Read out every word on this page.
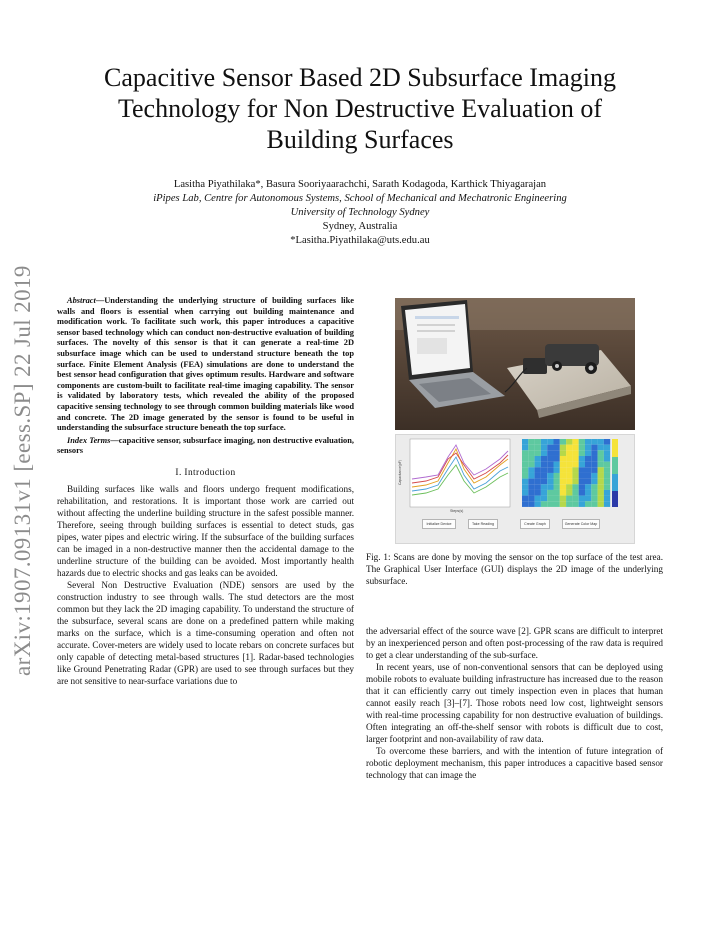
arXiv:1907.09131v1 [eess.SP] 22 Jul 2019
Capacitive Sensor Based 2D Subsurface Imaging
Technology for Non Destructive Evaluation of
Building Surfaces
Lasitha Piyathilaka*, Basura Sooriyaarachchi, Sarath Kodagoda, Karthick Thiyagarajan
iPipes Lab, Centre for Autonomous Systems, School of Mechanical and Mechatronic Engineering
University of Technology Sydney
Sydney, Australia
*Lasitha.Piyathilaka@uts.edu.au

Abstract—Understanding the underlying structure of building surfaces like walls and floors is essential when carrying out building maintenance and modification work. To facilitate such work, this paper introduces a capacitive sensor based technology which can conduct non-destructive evaluation of building surfaces. The novelty of this sensor is that it can generate a real-time 2D subsurface image which can be used to understand structure beneath the top surface. Finite Element Analysis (FEA) simulations are done to understand the best sensor head configuration that gives optimum results. Hardware and software components are custom-built to facilitate real-time imaging capability. The sensor is validated by laboratory tests, which revealed the ability of the proposed capacitive sensing technology to see through common building materials like wood and concrete. The 2D image generated by the sensor is found to be useful in understanding the subsurface structure beneath the top surface.

Index Terms—capacitive sensor, subsurface imaging, non destructive evaluation, sensors

I. Introduction

Building surfaces like walls and floors undergo frequent modifications, rehabilitation, and restorations. It is important those work are carried out without affecting the underline building structure in the safest possible manner. Therefore, seeing through building surfaces is essential to detect studs, gas pipes, water pipes and electric wiring. If the subsurface of the building surfaces can be imaged in a non-destructive manner then the accidental damage to the underline structure of the building can be avoided. Most importantly health hazards due to electric shocks and gas leaks can be avoided.

Several Non Destructive Evaluation (NDE) sensors are used by the construction industry to see through walls. The stud detectors are the most common but they lack the 2D imaging capability. To understand the structure of the subsurface, several scans are done on a predefined pattern while making marks on the surface, which is a time-consuming operation and often not accurate. Cover-meters are widely used to locate rebars on concrete surfaces but only capable of detecting metal-based structures [1]. Radar-based technologies like Ground Penetrating Radar (GPR) are used to see through surfaces but they are not sensitive to near-surface variations due to

Capacitance(pF)
Steps(s)
Initialize Device	Take Reading	Create Graph	Generate Color Map
Fig. 1: Scans are done by moving the sensor on the top surface of the test area. The Graphical User Interface (GUI) displays the 2D image of the underlying subsurface.

the adversarial effect of the source wave [2]. GPR scans are difficult to interpret by an inexperienced person and often post-processing of the raw data is required to get a clear understanding of the sub-surface.

In recent years, use of non-conventional sensors that can be deployed using mobile robots to evaluate building infrastructure has increased due to the reason that it can efficiently carry out timely inspection even in places that human cannot easily reach [3]–[7]. Those robots need low cost, lightweight sensors with real-time processing capability for non destructive evaluation of buildings. Often integrating an off-the-shelf sensor with robots is difficult due to cost, larger footprint and non-availability of raw data.

To overcome these barriers, and with the intention of future integration of robotic deployment mechanism, this paper introduces a capacitive based sensor technology that can image the
